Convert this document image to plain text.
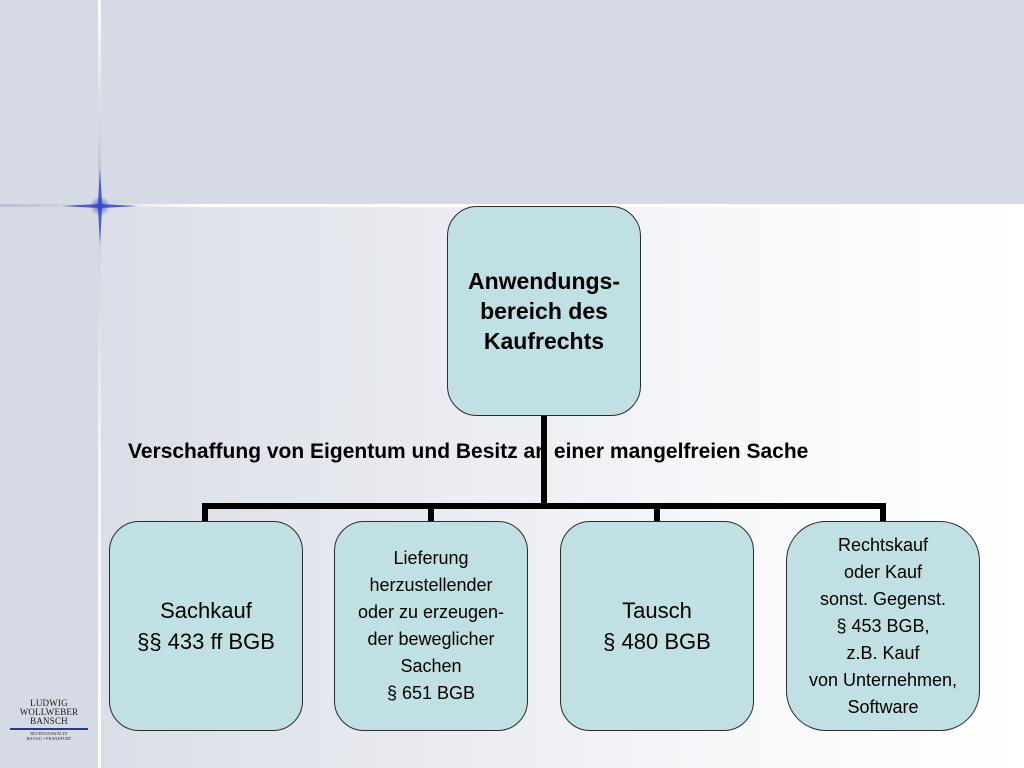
Anwendungs-
bereich des
Kaufrechts
Verschaffung von Eigentum und Besitz an einer mangelfreien Sache
Sachkauf
§§ 433 ff BGB
Lieferung
herzustellender
oder zu erzeugen-
der beweglicher
Sachen
§ 651 BGB
Tausch
§ 480 BGB
Rechtskauf
oder Kauf
sonst. Gegenst.
§ 453 BGB,
z.B. Kauf
von Unternehmen,
Software
LUDWIG
WOLLWEBER
BANSCH
RECHTSANWÄLTE
HANAU • FRANKFURT
